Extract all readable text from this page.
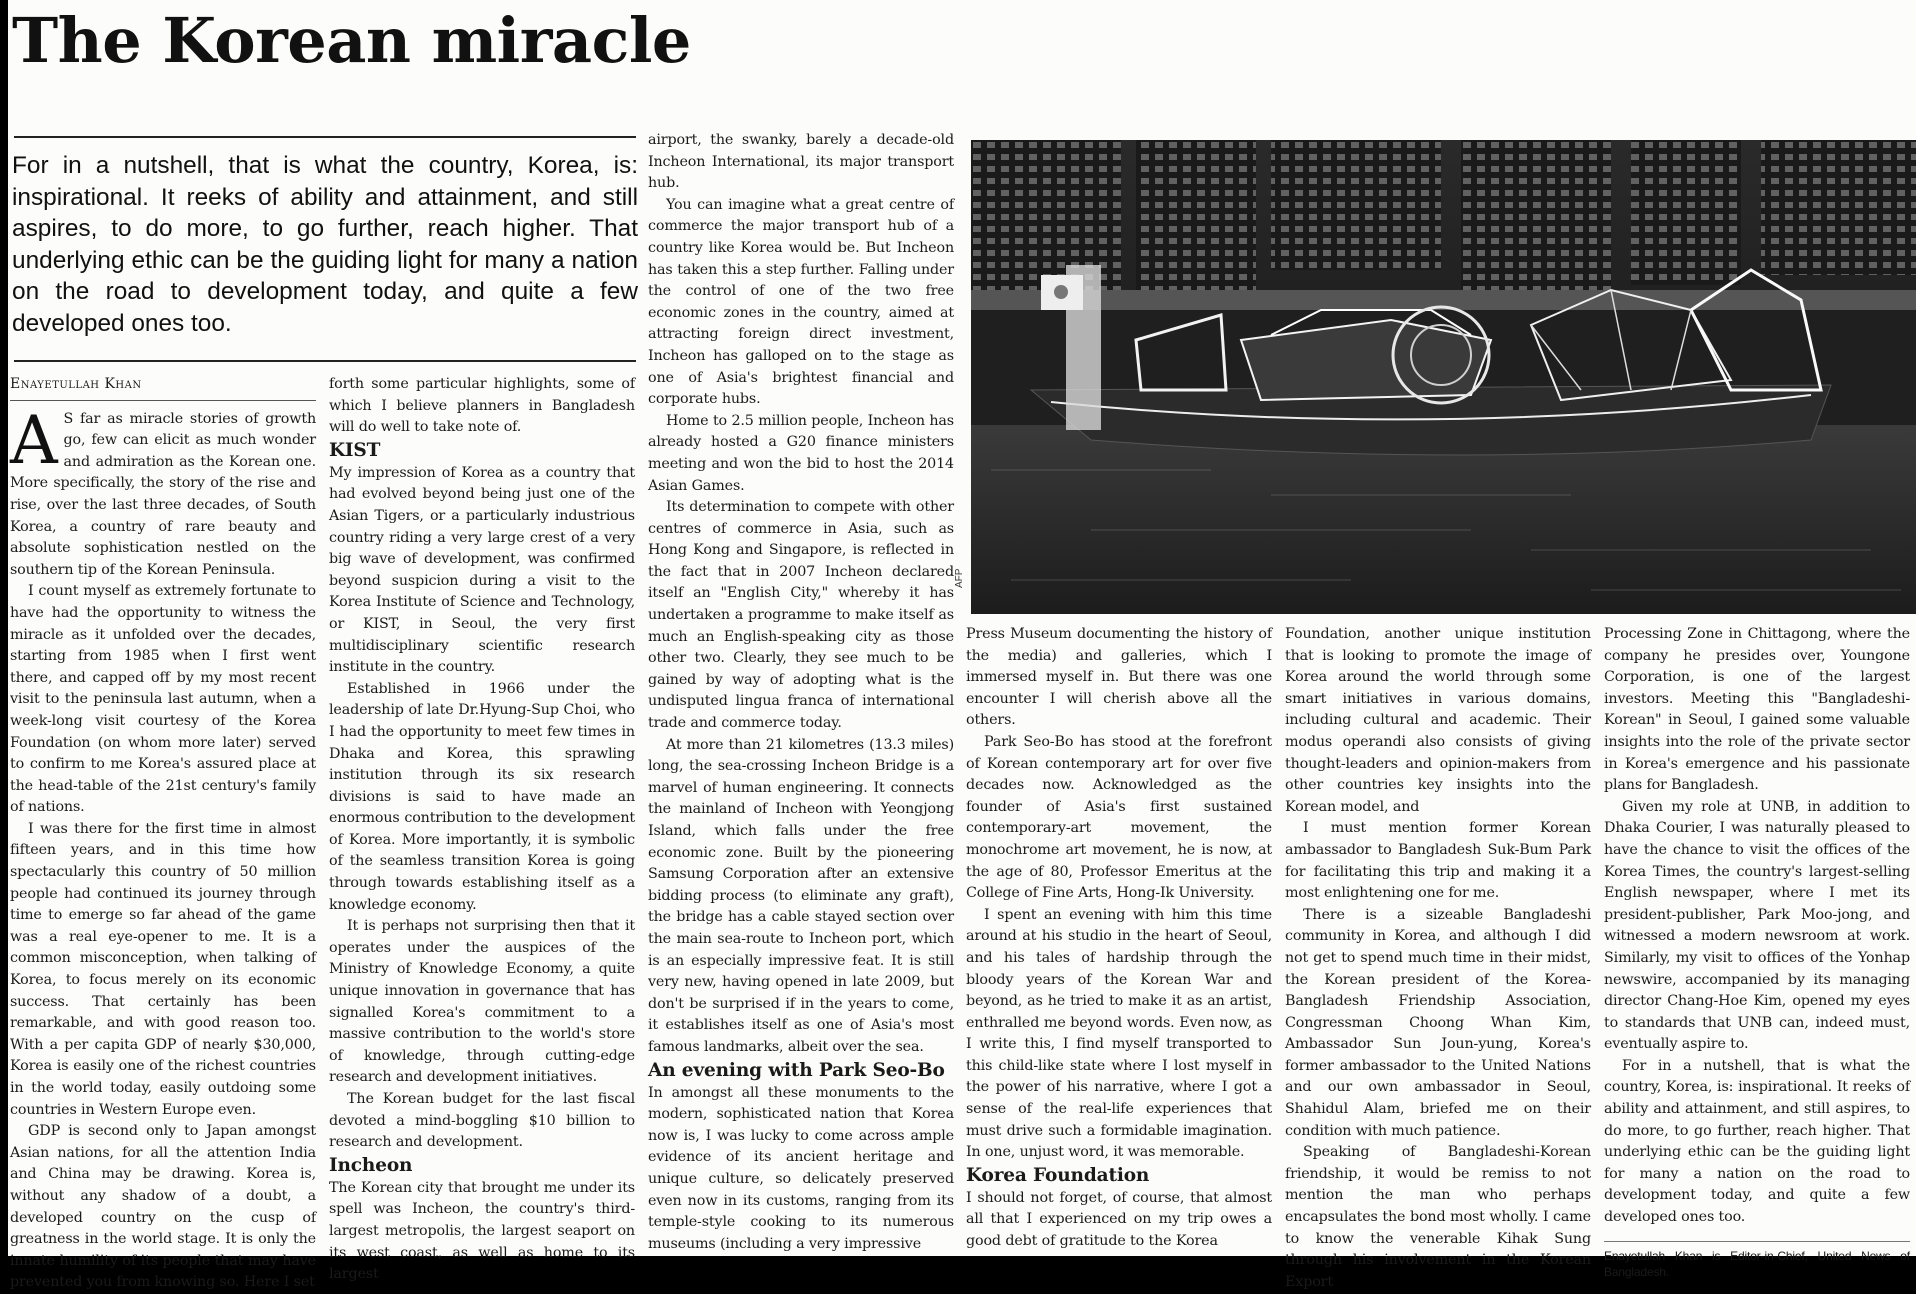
The Korean miracle

For in a nutshell, that is what the country, Korea, is: inspirational. It reeks of ability and attainment, and still aspires, to do more, to go further, reach higher. That underlying ethic can be the guiding light for many a nation on the road to development today, and quite a few developed ones too.

Enayetullah Khan

A S far as miracle stories of growth go, few can elicit as much wonder and admiration as the Korean one. More specifically, the story of the rise and rise, over the last three decades, of South Korea, a country of rare beauty and absolute sophistication nestled on the southern tip of the Korean Peninsula.

I count myself as extremely fortunate to have had the opportunity to witness the miracle as it unfolded over the decades, starting from 1985 when I first went there, and capped off by my most recent visit to the peninsula last autumn, when a week-long visit courtesy of the Korea Foundation (on whom more later) served to confirm to me Korea's assured place at the head-table of the 21st century's family of nations.

I was there for the first time in almost fifteen years, and in this time how spectacularly this country of 50 million people had continued its journey through time to emerge so far ahead of the game was a real eye-opener to me. It is a common misconception, when talking of Korea, to focus merely on its economic success. That certainly has been remarkable, and with good reason too. With a per capita GDP of nearly $30,000, Korea is easily one of the richest countries in the world today, easily outdoing some countries in Western Europe even.

GDP is second only to Japan amongst Asian nations, for all the attention India and China may be drawing. Korea is, without any shadow of a doubt, a developed country on the cusp of greatness in the world stage. It is only the innate humility of its people that may have prevented you from knowing so. Here I set

forth some particular highlights, some of which I believe planners in Bangladesh will do well to take note of.

KIST

My impression of Korea as a country that had evolved beyond being just one of the Asian Tigers, or a particularly industrious country riding a very large crest of a very big wave of development, was confirmed beyond suspicion during a visit to the Korea Institute of Science and Technology, or KIST, in Seoul, the very first multidisciplinary scientific research institute in the country.

Established in 1966 under the leadership of late Dr.Hyung-Sup Choi, who I had the opportunity to meet few times in Dhaka and Korea, this sprawling institution through its six research divisions is said to have made an enormous contribution to the development of Korea. More importantly, it is symbolic of the seamless transition Korea is going through towards establishing itself as a knowledge economy.

It is perhaps not surprising then that it operates under the auspices of the Ministry of Knowledge Economy, a quite unique innovation in governance that has signalled Korea's commitment to a massive contribution to the world's store of knowledge, through cutting-edge research and development initiatives.

The Korean budget for the last fiscal devoted a mind-boggling $10 billion to research and development.

Incheon

The Korean city that brought me under its spell was Incheon, the country's third-largest metropolis, the largest seaport on its west coast, as well as home to its largest

airport, the swanky, barely a decade-old Incheon International, its major transport hub.

You can imagine what a great centre of commerce the major transport hub of a country like Korea would be. But Incheon has taken this a step further. Falling under the control of one of the two free economic zones in the country, aimed at attracting foreign direct investment, Incheon has galloped on to the stage as one of Asia's brightest financial and corporate hubs.

Home to 2.5 million people, Incheon has already hosted a G20 finance ministers meeting and won the bid to host the 2014 Asian Games.

Its determination to compete with other centres of commerce in Asia, such as Hong Kong and Singapore, is reflected in the fact that in 2007 Incheon declared itself an "English City," whereby it has undertaken a programme to make itself as much an English-speaking city as those other two. Clearly, they see much to be gained by way of adopting what is the undisputed lingua franca of international trade and commerce today.

At more than 21 kilometres (13.3 miles) long, the sea-crossing Incheon Bridge is a marvel of human engineering. It connects the mainland of Incheon with Yeongjong Island, which falls under the free economic zone. Built by the pioneering Samsung Corporation after an extensive bidding process (to eliminate any graft), the bridge has a cable stayed section over the main sea-route to Incheon port, which is an especially impressive feat. It is still very new, having opened in late 2009, but don't be surprised if in the years to come, it establishes itself as one of Asia's most famous landmarks, albeit over the sea.

An evening with Park Seo-Bo

In amongst all these monuments to the modern, sophisticated nation that Korea now is, I was lucky to come across ample evidence of its ancient heritage and unique culture, so delicately preserved even now in its customs, ranging from its temple-style cooking to its numerous museums (including a very impressive

AFP

Press Museum documenting the history of the media) and galleries, which I immersed myself in. But there was one encounter I will cherish above all the others.

Park Seo-Bo has stood at the forefront of Korean contemporary art for over five decades now. Acknowledged as the founder of Asia's first sustained contemporary-art movement, the monochrome art movement, he is now, at the age of 80, Professor Emeritus at the College of Fine Arts, Hong-Ik University.

I spent an evening with him this time around at his studio in the heart of Seoul, and his tales of hardship through the bloody years of the Korean War and beyond, as he tried to make it as an artist, enthralled me beyond words. Even now, as I write this, I find myself transported to this child-like state where I lost myself in the power of his narrative, where I got a sense of the real-life experiences that must drive such a formidable imagination. In one, unjust word, it was memorable.

Korea Foundation

I should not forget, of course, that almost all that I experienced on my trip owes a good debt of gratitude to the Korea

Foundation, another unique institution that is looking to promote the image of Korea around the world through some smart initiatives in various domains, including cultural and academic. Their modus operandi also consists of giving thought-leaders and opinion-makers from other countries key insights into the Korean model, and

I must mention former Korean ambassador to Bangladesh Suk-Bum Park for facilitating this trip and making it a most enlightening one for me.

There is a sizeable Bangladeshi community in Korea, and although I did not get to spend much time in their midst, the Korean president of the Korea-Bangladesh Friendship Association, Congressman Choong Whan Kim, Ambassador Sun Joun-yung, Korea's former ambassador to the United Nations and our own ambassador in Seoul, Shahidul Alam, briefed me on their condition with much patience.

Speaking of Bangladeshi-Korean friendship, it would be remiss to not mention the man who perhaps encapsulates the bond most wholly. I came to know the venerable Kihak Sung through his involvement in the Korean Export

Processing Zone in Chittagong, where the company he presides over, Youngone Corporation, is one of the largest investors. Meeting this "Bangladeshi-Korean" in Seoul, I gained some valuable insights into the role of the private sector in Korea's emergence and his passionate plans for Bangladesh.

Given my role at UNB, in addition to Dhaka Courier, I was naturally pleased to have the chance to visit the offices of the Korea Times, the country's largest-selling English newspaper, where I met its president-publisher, Park Moo-jong, and witnessed a modern newsroom at work. Similarly, my visit to offices of the Yonhap newswire, accompanied by its managing director Chang-Hoe Kim, opened my eyes to standards that UNB can, indeed must, eventually aspire to.

For in a nutshell, that is what the country, Korea, is: inspirational. It reeks of ability and attainment, and still aspires, to do more, to go further, reach higher. That underlying ethic can be the guiding light for many a nation on the road to development today, and quite a few developed ones too.

Enayetullah Khan is Editor-in-Chief, United News of Bangladesh.
